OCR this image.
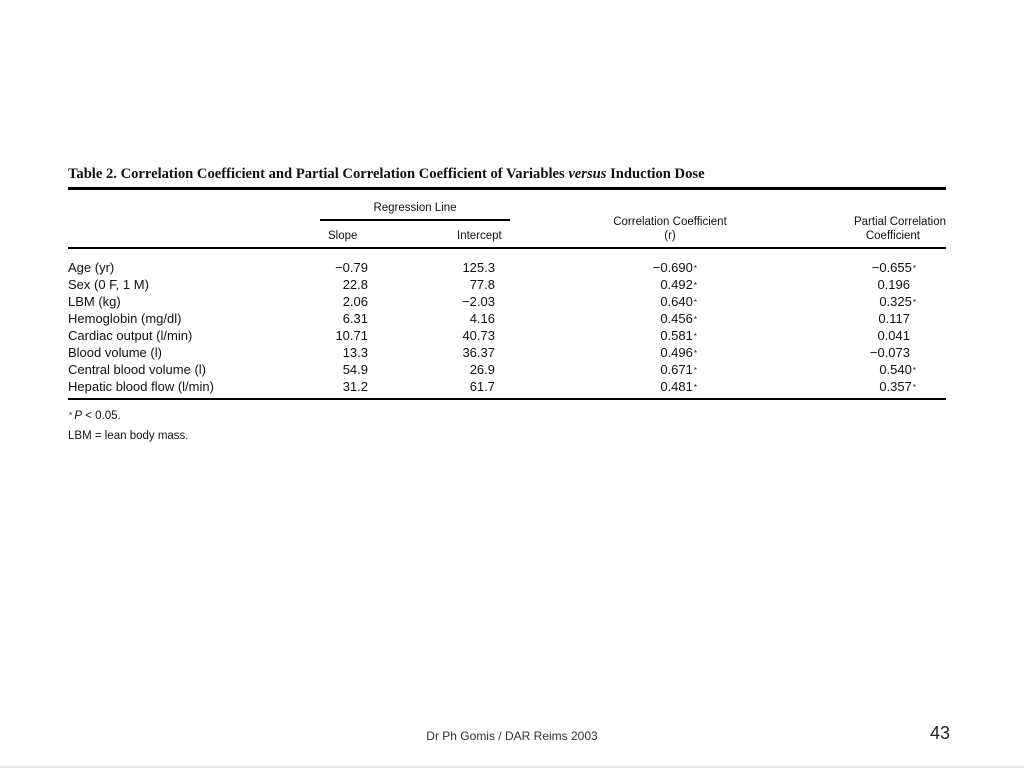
Table 2. Correlation Coefficient and Partial Correlation Coefficient of Variables versus Induction Dose
Regression Line
Slope	Intercept
Correlation Coefficient
(r)
Partial Correlation
Coefficient
Age (yr)
Sex (0 F, 1 M)
LBM (kg)
Hemoglobin (mg/dl)
Cardiac output (l/min)
Blood volume (l)
Central blood volume (l)
Hepatic blood flow (l/min)
−0.79
22.8
2.06
6.31
10.71
13.3
54.9
31.2
125.3
77.8
−2.03
4.16
40.73
36.37
26.9
61.7
−0.690*
0.492*
0.640*
0.456*
0.581*
0.496*
0.671*
0.481*
−0.655*
0.196
0.325*
0.117
0.041
−0.073
0.540*
0.357*
* P < 0.05.
LBM = lean body mass.
Dr Ph Gomis / DAR Reims 2003	43
